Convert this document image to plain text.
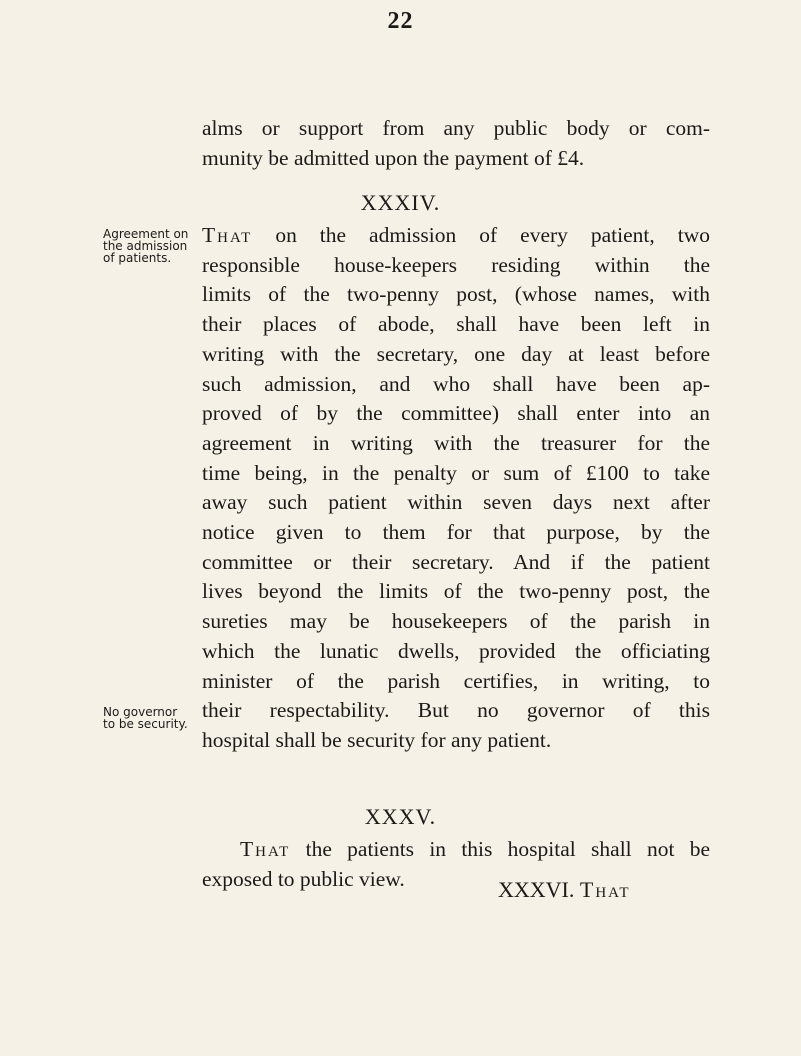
22
alms or support from any public body or com-
munity be admitted upon the payment of £4.
XXXIV.
Agreement on
the admission
of patients.
No governor
to be security.
That on the admission of every patient, two
responsible house-keepers residing within the
limits of the two-penny post, (whose names, with
their places of abode, shall have been left in
writing with the secretary, one day at least before
such admission, and who shall have been ap-
proved of by the committee) shall enter into an
agreement in writing with the treasurer for the
time being, in the penalty or sum of £100 to take
away such patient within seven days next after
notice given to them for that purpose, by the
committee or their secretary. And if the patient
lives beyond the limits of the two-penny post, the
sureties may be housekeepers of the parish in
which the lunatic dwells, provided the officiating
minister of the parish certifies, in writing, to
their respectability. But no governor of this
hospital shall be security for any patient.
XXXV.
That the patients in this hospital shall not be
exposed to public view.	XXXVI. That
